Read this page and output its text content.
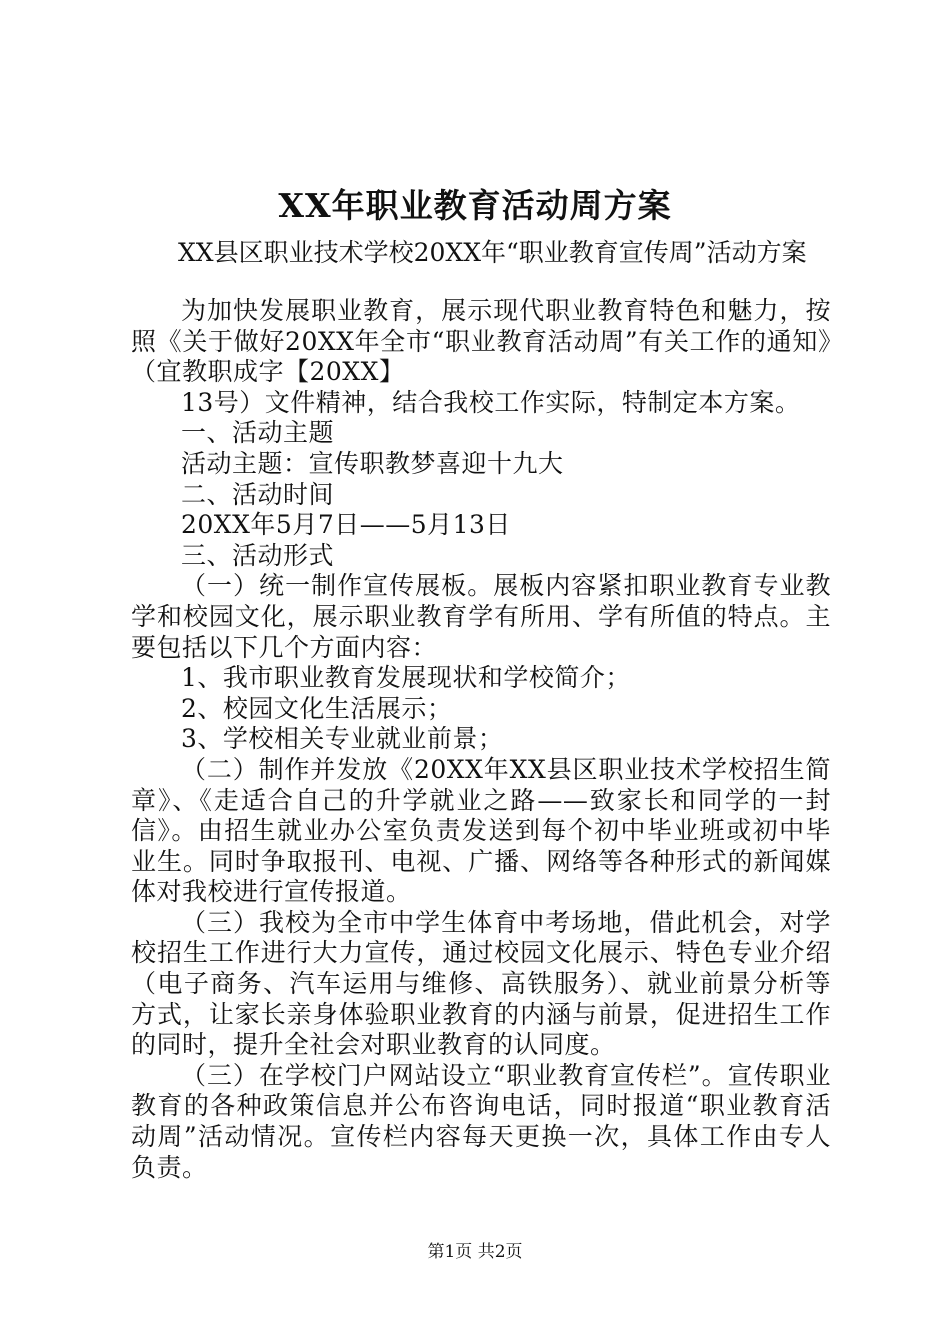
XX年职业教育活动周方案
XX县区职业技术学校20XX年“职业教育宣传周”活动方案

为加快发展职业教育，展示现代职业教育特色和魅力，按照《关于做好20XX年全市“职业教育活动周”有关工作的通知》（宜教职成字【20XX】

13号）文件精神，结合我校工作实际，特制定本方案。

一、活动主题

活动主题：宣传职教梦喜迎十九大

二、活动时间

20XX年5月7日——5月13日

三、活动形式

（一）统一制作宣传展板。展板内容紧扣职业教育专业教学和校园文化，展示职业教育学有所用、学有所值的特点。主要包括以下几个方面内容：

1、我市职业教育发展现状和学校简介；

2、校园文化生活展示；

3、学校相关专业就业前景；

（二）制作并发放《20XX年XX县区职业技术学校招生简章》、《走适合自己的升学就业之路——致家长和同学的一封信》。由招生就业办公室负责发送到每个初中毕业班或初中毕业生。同时争取报刊、电视、广播、网络等各种形式的新闻媒体对我校进行宣传报道。

（三）我校为全市中学生体育中考场地，借此机会，对学校招生工作进行大力宣传，通过校园文化展示、特色专业介绍（电子商务、汽车运用与维修、高铁服务）、就业前景分析等方式，让家长亲身体验职业教育的内涵与前景，促进招生工作的同时，提升全社会对职业教育的认同度。

（三）在学校门户网站设立“职业教育宣传栏”。宣传职业教育的各种政策信息并公布咨询电话，同时报道“职业教育活动周”活动情况。宣传栏内容每天更换一次，具体工作由专人负责。

第1页 共2页
